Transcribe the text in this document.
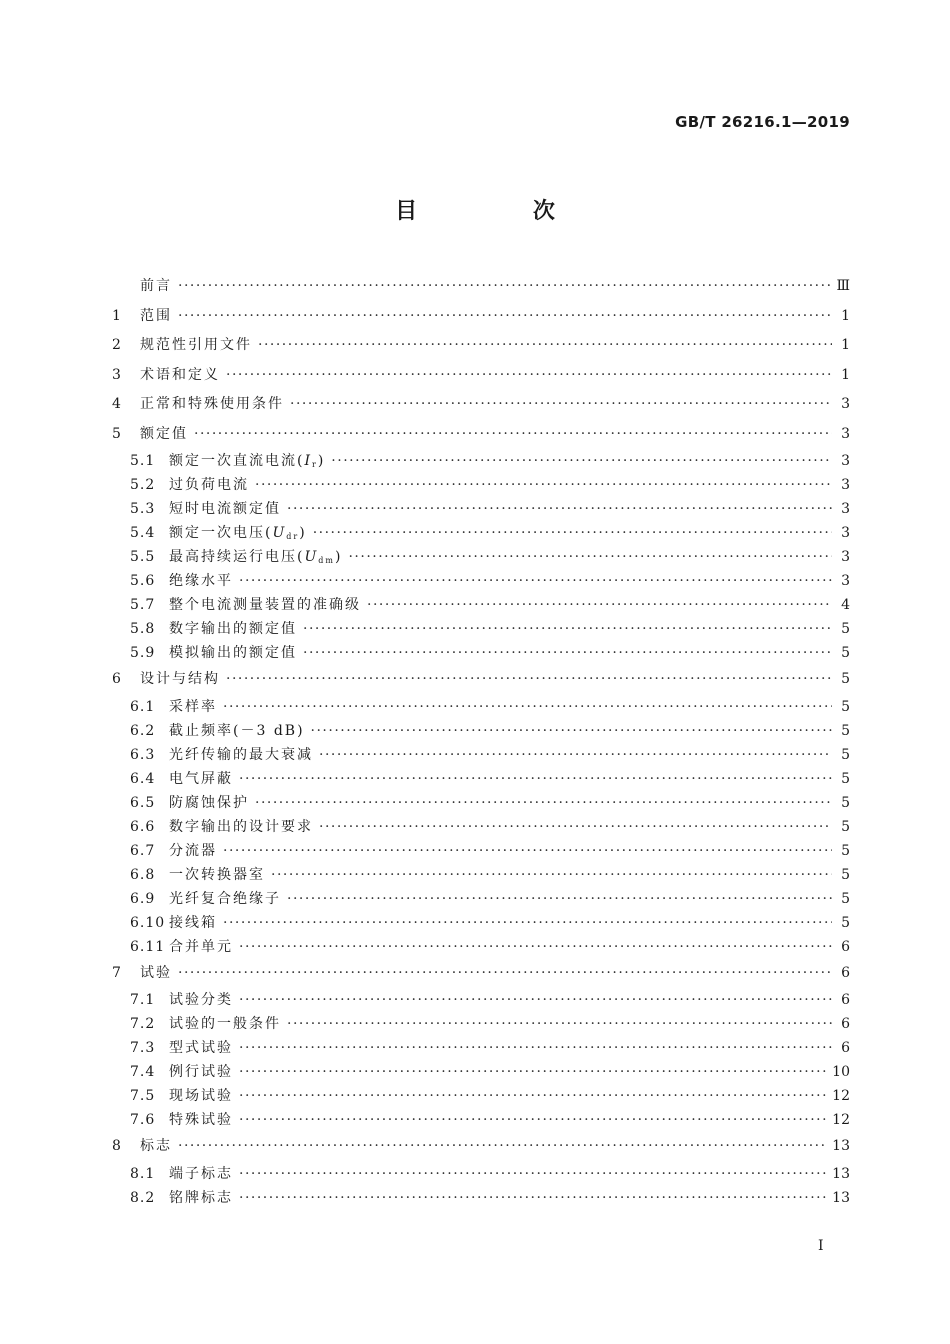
GB/T 26216.1—2019
目 次
前言 ·····	Ⅲ
1	范围 ·····	1
2	规范性引用文件 ·····	1
3	术语和定义 ·····	1
4	正常和特殊使用条件 ·····	3
5	额定值 ·····	3
5.1 额定一次直流电流$(I_r)$ ·····	3
5.2 过负荷电流 ·····	3
5.3 短时电流额定值 ·····	3
5.4 额定一次电压$(U_{dr})$ ·····	3
5.5 最高持续运行电压$(U_{dm})$ ·····	3
5.6 绝缘水平 ·····	3
5.7 整个电流测量装置的准确级 ·····	4
5.8 数字输出的额定值 ·····	5
5.9 模拟输出的额定值 ·····	5
6	设计与结构 ·····	5
6.1 采样率 ·····	5
6.2 截止频率(－3 dB) ·····	5
6.3 光纤传输的最大衰减 ·····	5
6.4 电气屏蔽 ·····	5
6.5 防腐蚀保护 ·····	5
6.6 数字输出的设计要求 ·····	5
6.7 分流器 ·····	5
6.8 一次转换器室 ·····	5
6.9 光纤复合绝缘子 ·····	5
6.10 接线箱 ·····	5
6.11 合并单元 ·····	6
7	试验 ·····	6
7.1 试验分类 ·····	6
7.2 试验的一般条件 ·····	6
7.3 型式试验 ·····	6
7.4 例行试验 ·····	10
7.5 现场试验 ·····	12
7.6 特殊试验 ·····	12
8	标志 ·····	13
8.1 端子标志 ·····	13
8.2 铭牌标志 ·····	13
Ⅰ
